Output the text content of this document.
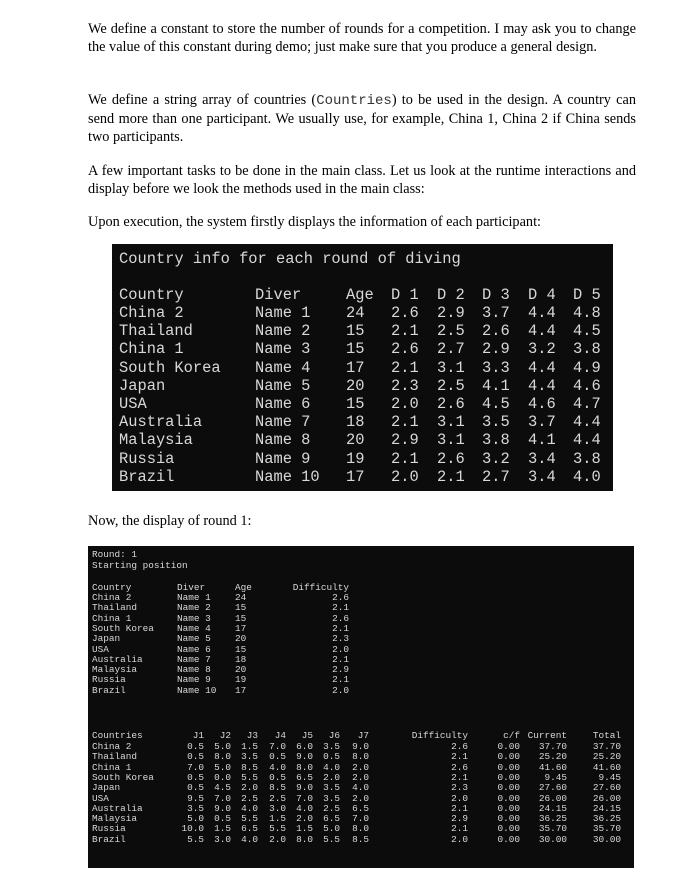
We define a constant to store the number of rounds for a competition. I may ask you to change the value of this constant during demo; just make sure that you produce a general design.

We define a string array of countries (Countries) to be used in the design. A country can send more than one participant. We usually use, for example, China 1, China 2 if China sends two participants.

A few important tasks to be done in the main class. Let us look at the runtime interactions and display before we look the methods used in the main class:

Upon execution, the system firstly displays the information of each participant:

Country info for each round of diving
Country	Diver	Age D 1 D 2 D 3 D 4 D 5
China 2	Name 1 24 2.6 2.9 3.7 4.4 4.8
Thailand	Name 2 15 2.1 2.5 2.6 4.4 4.5
China 1	Name 3 15 2.6 2.7 2.9 3.2 3.8
South Korea Name 4 17 2.1 3.1 3.3 4.4 4.9
Japan	Name 5 20 2.3 2.5 4.1 4.4 4.6
USA	Name 6 15 2.0 2.6 4.5 4.6 4.7
Australia	Name 7 18 2.1 3.1 3.5 3.7 4.4
Malaysia	Name 8 20 2.9 3.1 3.8 4.1 4.4
Russia	Name 9 19 2.1 2.6 3.2 3.4 3.8
Brazil	Name 10 17 2.0 2.1 2.7 3.4 4.0

Now, the display of round 1:

Round: 1
Starting position
Country	Diver	Age	Difficulty
China 2	Name 1	24	2.6
Thailand	Name 2	15	2.1
China 1	Name 3	15	2.6
South Korea Name 4	17	2.1
Japan	Name 5	20	2.3
USA	Name 6	15	2.0
Australia	Name 7	18	2.1
Malaysia	Name 8	20	2.9
Russia	Name 9	19	2.1
Brazil	Name 10 17	2.0
Countries	J1 J2 J3 J4 J5 J6 J7	Difficulty	c/f Current	Total
China 2	0.5 5.0 1.5 7.0 6.0 3.5 9.0	2.6	0.00 37.70	37.70
Thailand	0.5 8.0 3.5 0.5 9.0 0.5 8.0	2.1	0.00 25.20	25.20
China 1	7.0 5.0 8.5 4.0 8.0 4.0 2.0	2.6	0.00 41.60	41.60
South Korea	0.5 0.0 5.5 0.5 6.5 2.0 2.0	2.1	0.00	9.45	9.45
Japan	0.5 4.5 2.0 8.5 9.0 3.5 4.0	2.3	0.00 27.60	27.60
USA	9.5 7.0 2.5 2.5 7.0 3.5 2.0	2.0	0.00 26.00	26.00
Australia	3.5 9.0 4.0 3.0 4.0 2.5 6.5	2.1	0.00 24.15	24.15
Malaysia	5.0 0.5 5.5 1.5 2.0 6.5 7.0	2.9	0.00 36.25	36.25
Russia	10.0 1.5 6.5 5.5 1.5 5.0 8.0	2.1	0.00 35.70	35.70
Brazil	5.5 3.0 4.0 2.0 8.0 5.5 8.5	2.0	0.00 30.00	30.00
